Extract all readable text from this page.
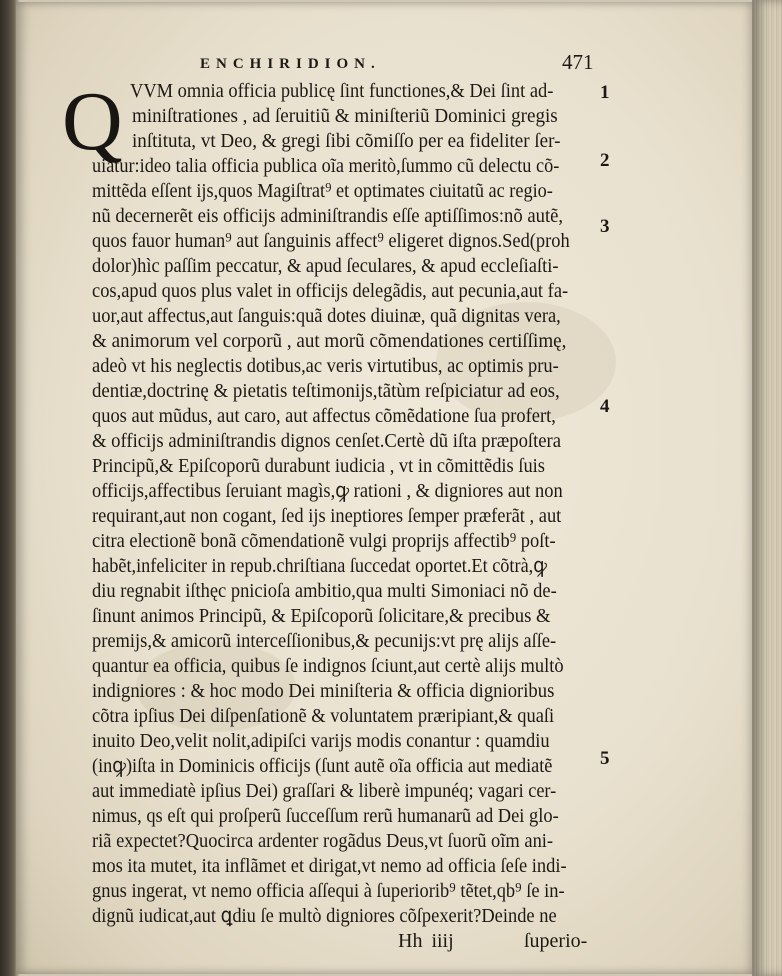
ENCHIRIDION.	471
Q VVM omnia officia publicę ſint functiones,& Dei ſint ad-
miniſtrationes , ad ſeruitiũ & miniſteriũ Dominici gregis
inſtituta, vt Deo, & gregi ſibi cõmiſſo per ea fideliter ſer-
uiatur:ideo talia officia publica oĩa meritò,ſummo cũ delectu cõ-
mittẽda eſſent ijs,quos Magiſtrat⁹ et optimates ciuitatũ ac regio-
nũ decernerẽt eis officijs adminiſtrandis eſſe aptiſſimos:nõ autẽ,
quos fauor human⁹ aut ſanguinis affect⁹ eligeret dignos.Sed(proh
dolor)hìc paſſim peccatur, & apud ſeculares, & apud eccleſiaſti-
cos,apud quos plus valet in officijs delegãdis, aut pecunia,aut fa-
uor,aut affectus,aut ſanguis:quã dotes diuinæ, quã dignitas vera,
& animorum vel corporũ , aut morũ cõmendationes certiſſimę,
adeò vt his neglectis dotibus,ac veris virtutibus, ac optimis pru-
dentiæ,doctrinę & pietatis teſtimonijs,tãtùm reſpiciatur ad eos,
quos aut mũdus, aut caro, aut affectus cõmẽdatione ſua profert,
& officijs adminiſtrandis dignos cenſet.Certè dũ iſta præpoſtera
Principũ,& Epiſcoporũ durabunt iudicia , vt in cõmittẽdis ſuis
officijs,affectibus ſeruiant magìs,ꝙ rationi , & digniores aut non
requirant,aut non cogant, ſed ijs ineptiores ſemper præferãt , aut
citra electionẽ bonã cõmendationẽ vulgi proprijs affectib⁹ poſt-
habẽt,infeliciter in repub.chriſtiana ſuccedat oportet.Et cõtrà,ꝙ
diu regnabit iſthęc pnicioſa ambitio,qua multi Simoniaci nõ de-
ſinunt animos Principũ, & Epiſcoporũ ſolicitare,& precibus &
premijs,& amicorũ interceſſionibus,& pecunijs:vt prę alijs aſſe-
quantur ea officia, quibus ſe indignos ſciunt,aut certè alijs multò
indigniores : & hoc modo Dei miniſteria & officia dignioribus
cõtra ipſius Dei diſpenſationẽ & voluntatem præripiant,& quaſi
inuito Deo,velit nolit,adipiſci varijs modis conantur : quamdiu
(inꝙ)iſta in Dominicis officijs (ſunt autẽ oĩa officia aut mediatẽ
aut immediatè ipſius Dei) graſſari & liberè impunéq; vagari cer-
nimus, qs eſt qui proſperũ ſucceſſum rerũ humanarũ ad Dei glo-
riã expectet?Quocirca ardenter rogãdus Deus,vt ſuorũ oĩm ani-
mos ita mutet, ita inflãmet et dirigat,vt nemo ad officia ſeſe indi-
gnus ingerat, vt nemo officia aſſequi à ſuperiorib⁹ tẽtet,qb⁹ ſe in-
dignũ iudicat,aut ꝗdiu ſe multò digniores cõſpexerit?Deinde ne
1
2
3
4
5
Hh iiij	ſuperio-
